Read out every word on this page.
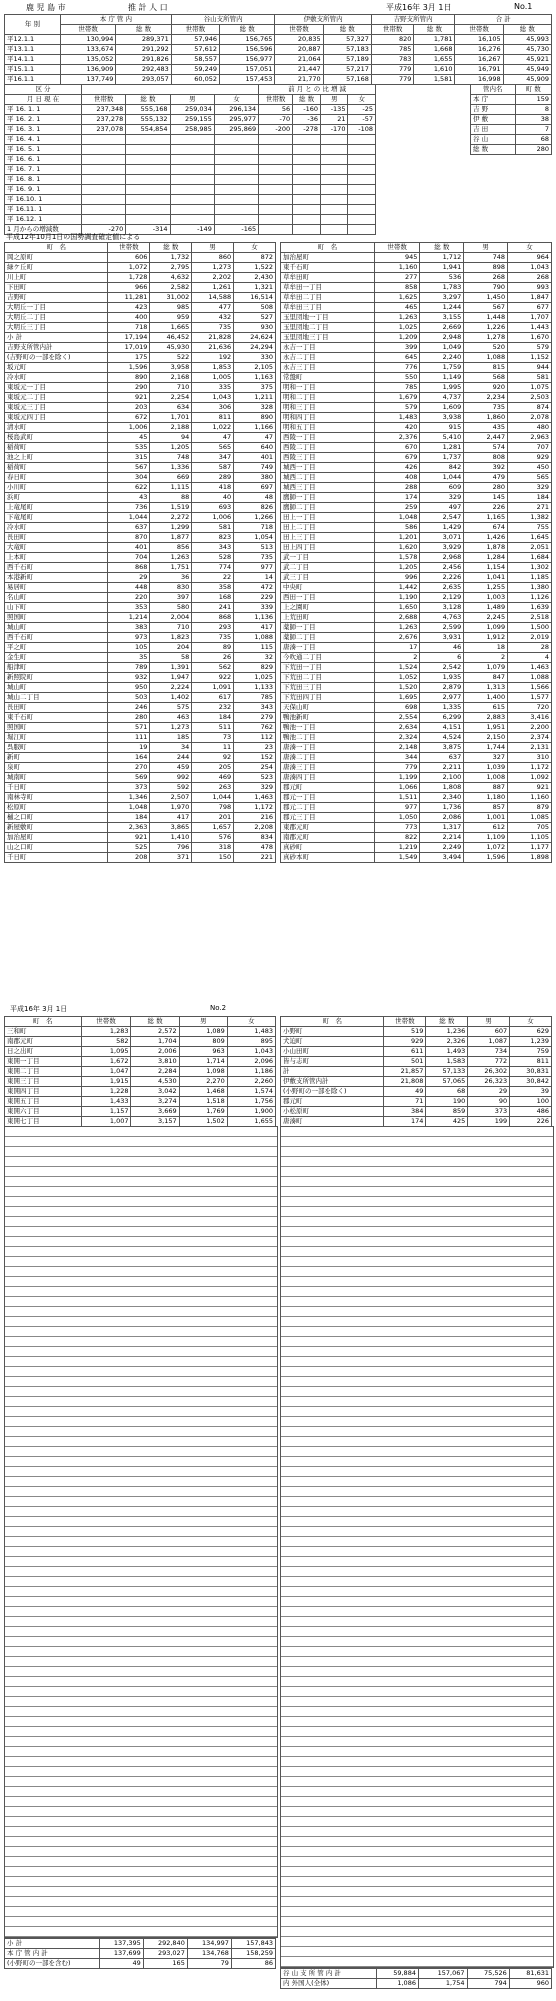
鹿 児 島 市	推 計 人 口	平成16年 3月 1日	No.1
年 別	本 庁 管 内		谷山支所管内		伊敷支所管内		吉野支所管内		合 計	
	世帯数	総 数	世帯数	総 数	世帯数	総 数	世帯数	総 数	世帯数	総 数
平12.1.1	130,994	289,371	57,946	156,765	20,835	57,327	820	1,781	16,105	45,993
平13.1.1	133,674	291,292	57,612	156,596	20,887	57,183	785	1,668	16,276	45,730
平14.1.1	135,052	291,826	58,557	156,977	21,064	57,189	783	1,655	16,267	45,921
平15.1.1	136,909	292,483	59,249	157,051	21,447	57,217	779	1,610	16,791	45,949
平16.1.1	137,749	293,057	60,052	157,453	21,770	57,168	779	1,581	16,998	45,909
区 分					前 月 と の 比 増 減			
月 日 現 在	世帯数	総 数	男	女	世帯数	総 数	男	女
平 16. 1. 1	237,348	555,168	259,034	296,134	56	-160	-135	-25
平 16. 2. 1	237,278	555,132	259,155	295,977	-70	-36	21	-57
平 16. 3. 1	237,078	554,854	258,985	295,869	-200	-278	-170	-108
平 16. 4. 1								
平 16. 5. 1								
平 16. 6. 1								
平 16. 7. 1								
平 16. 8. 1								
平 16. 9. 1								
平 16.10. 1								
平 16.11. 1								
平 16.12. 1								
1 月からの増減数	-270	-314	-149	-165				
管内名	町 数
本 庁	159
吉 野	8
伊 敷	38
吉 田	7
谷 山	68
総 数	280
平成12年10月1日の国勢調査確定値による
町　名	世帯数	総 数	男	女
岡之原町	606	1,732	860	872
緑ケ丘町	1,072	2,795	1,273	1,522
川上町	1,728	4,632	2,202	2,430
下田町	966	2,582	1,261	1,321
吉野町	11,281	31,002	14,588	16,514
大明丘一丁目	423	985	477	508
大明丘二丁目	400	959	432	527
大明丘三丁目	718	1,665	735	930
小 計	17,194	46,452	21,828	24,624
吉野支所管内計	17,019	45,930	21,636	24,294
(吉野町の一部を除く)	175	522	192	330
坂元町	1,596	3,958	1,853	2,105
冷水町	890	2,168	1,005	1,163
東坂元一丁目	290	710	335	375
東坂元二丁目	921	2,254	1,043	1,211
東坂元三丁目	203	634	306	328
東坂元四丁目	672	1,701	811	890
清水町	1,006	2,188	1,022	1,166
桜島武町	45	94	47	47
稲荷町	535	1,205	565	640
池之上町	315	748	347	401
稲荷町	567	1,336	587	749
春日町	304	669	289	380
小川町	622	1,115	418	697
浜町	43	88	40	48
上竜尾町	736	1,519	693	826
下竜尾町	1,044	2,272	1,006	1,266
冷水町	637	1,299	581	718
長田町	870	1,877	823	1,054
大竜町	401	856	343	513
上本町	704	1,263	528	735
西千石町	868	1,751	774	977
本港新町	29	36	22	14
易居町	448	830	358	472
名山町	220	397	168	229
山下町	353	580	241	339
照国町	1,214	2,004	868	1,136
城山町	383	710	293	417
西千石町	973	1,823	735	1,088
平之町	105	204	89	115
金生町	35	58	26	32
船津町	789	1,391	562	829
新照院町	932	1,947	922	1,025
城山町	950	2,224	1,091	1,133
城山二丁目	503	1,402	617	785
長田町	246	575	232	343
東千石町	280	463	184	279
照国町	571	1,273	511	762
堀江町	111	185	73	112
呉服町	19	34	11	23
新町	164	244	92	152
泉町	270	459	205	254
城南町	569	992	469	523
千日町	373	592	263	329
南林寺町	1,346	2,507	1,044	1,463
松原町	1,048	1,970	798	1,172
樋之口町	184	417	201	216
新屋敷町	2,363	3,865	1,657	2,208
加治屋町	921	1,410	576	834
山之口町	525	796	318	478
千日町	208	371	150	221
町　名	世帯数	総 数	男	女
加治屋町	945	1,712	748	964
東千石町	1,160	1,941	898	1,043
草牟田町	277	536	268	268
草牟田一丁目	858	1,783	790	993
草牟田二丁目	1,625	3,297	1,450	1,847
草牟田三丁目	465	1,244	567	677
玉里団地一丁目	1,263	3,155	1,448	1,707
玉里団地二丁目	1,025	2,669	1,226	1,443
玉里団地三丁目	1,209	2,948	1,278	1,670
永吉一丁目	399	1,049	520	579
永吉二丁目	645	2,240	1,088	1,152
永吉三丁目	776	1,759	815	944
常盤町	550	1,149	568	581
明和一丁目	785	1,995	920	1,075
明和二丁目	1,679	4,737	2,234	2,503
明和三丁目	579	1,609	735	874
明和四丁目	1,483	3,938	1,860	2,078
明和五丁目	420	915	435	480
西陵一丁目	2,376	5,410	2,447	2,963
西陵二丁目	670	1,281	574	707
西陵三丁目	679	1,737	808	929
城西一丁目	426	842	392	450
城西二丁目	408	1,044	479	565
城西三丁目	288	609	280	329
鷹師一丁目	174	329	145	184
鷹師二丁目	259	497	226	271
田上一丁目	1,048	2,547	1,165	1,382
田上二丁目	586	1,429	674	755
田上三丁目	1,201	3,071	1,426	1,645
田上四丁目	1,620	3,929	1,878	2,051
武一丁目	1,578	2,968	1,284	1,684
武二丁目	1,205	2,456	1,154	1,302
武三丁目	996	2,226	1,041	1,185
中央町	1,442	2,635	1,255	1,380
西田一丁目	1,190	2,129	1,003	1,126
上之園町	1,650	3,128	1,489	1,639
上荒田町	2,688	4,763	2,245	2,518
薬師一丁目	1,263	2,599	1,099	1,500
薬師二丁目	2,676	3,931	1,912	2,019
唐湊一丁目	17	46	18	28
今吹通二丁目	2	6	2	4
下荒田一丁目	1,524	2,542	1,079	1,463
下荒田二丁目	1,052	1,935	847	1,088
下荒田三丁目	1,520	2,879	1,313	1,566
下荒田四丁目	1,695	2,977	1,400	1,577
天保山町	698	1,335	615	720
鴨池新町	2,554	6,299	2,883	3,416
鴨池一丁目	2,634	4,151	1,951	2,200
鴨池二丁目	2,324	4,524	2,150	2,374
唐湊一丁目	2,148	3,875	1,744	2,131
唐湊二丁目	344	637	327	310
唐湊三丁目	779	2,211	1,039	1,172
唐湊四丁目	1,199	2,100	1,008	1,092
郡元町	1,066	1,808	887	921
郡元一丁目	1,511	2,340	1,180	1,160
郡元二丁目	977	1,736	857	879
郡元三丁目	1,050	2,086	1,001	1,085
東郡元町	773	1,317	612	705
南郡元町	822	2,214	1,109	1,105
真砂町	1,219	2,249	1,072	1,177
真砂本町	1,549	3,494	1,596	1,898
平成16年 3月 1日	No.2
町　名	世帯数	総 数	男	女
三和町	1,283	2,572	1,089	1,483
南郡元町	582	1,704	809	895
日之出町	1,095	2,006	963	1,043
東開一丁目	1,672	3,810	1,714	2,096
東開二丁目	1,047	2,284	1,098	1,186
東開三丁目	1,915	4,530	2,270	2,260
東開四丁目	1,228	3,042	1,468	1,574
東開五丁目	1,433	3,274	1,518	1,756
東開六丁目	1,157	3,669	1,769	1,900
東開七丁目	1,007	3,157	1,502	1,655
町　名	世帯数	総 数	男	女
小野町	519	1,236	607	629
犬迫町	929	2,326	1,087	1,239
小山田町	611	1,493	734	759
皆与志町	501	1,583	772	811
計	21,857	57,133	26,302	30,831
伊敷支所管内計	21,808	57,065	26,323	30,842
(小野町の一部を除く)	49	68	29	39
郡元町	71	190	90	100
小松原町	384	859	373	486
唐湊町	174	425	199	226
小 計	137,395	292,840	134,997	157,843
本 庁 管 内 計	137,699	293,027	134,768	158,259
(小野町の一部を含む)	49	165	79	86
谷 山 支 所 管 内 計	59,884	157,067	75,526	81,631
内 外国人(全体)	1,086	1,754	794	960
